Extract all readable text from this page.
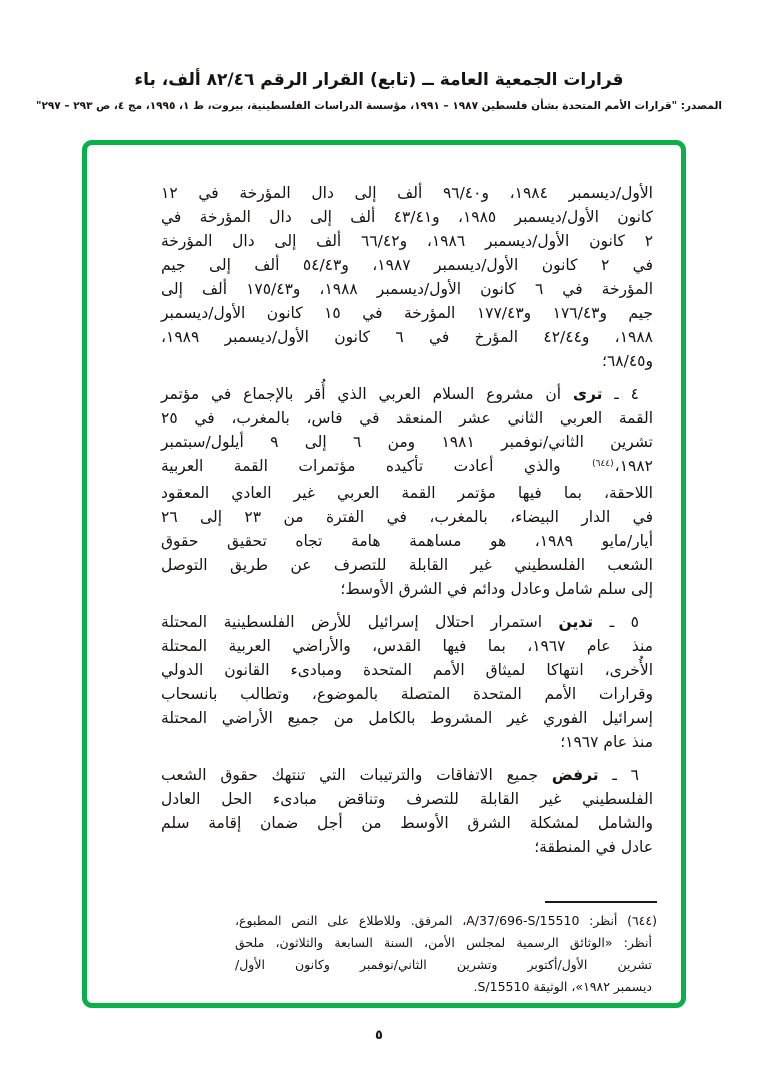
قرارات الجمعية العامة ــ (تابع) القرار الرقم ٨٢/٤٦ ألف، باء
المصدر: "قرارات الأمم المتحدة بشأن فلسطين ١٩٨٧ – ١٩٩١، مؤسسة الدراسات الفلسطينية، بيروت، ط ١، ١٩٩٥، مج ٤، ص ٢٩٣ – ٢٩٧"
الأول/ديسمبر ١٩٨٤، و٩٦/٤٠ ألف إلى دال المؤرخة في ١٢
كانون الأول/ديسمبر ١٩٨٥، و٤٣/٤١ ألف إلى دال المؤرخة في
٢ كانون الأول/ديسمبر ١٩٨٦، و٦٦/٤٢ ألف إلى دال المؤرخة
في ٢ كانون الأول/ديسمبر ١٩٨٧، و٥٤/٤٣ ألف إلى جيم
المؤرخة في ٦ كانون الأول/ديسمبر ١٩٨٨، و١٧٥/٤٣ ألف إلى
جيم و١٧٦/٤٣ و١٧٧/٤٣ المؤرخة في ١٥ كانون الأول/ديسمبر
١٩٨٨، و٤٢/٤٤ المؤرخ في ٦ كانون الأول/ديسمبر ١٩٨٩،
و٦٨/٤٥؛
٤ ـ ترى أن مشروع السلام العربي الذي أُقر بالإجماع في مؤتمر
القمة العربي الثاني عشر المنعقد في فاس، بالمغرب، في ٢٥
تشرين الثاني/نوفمبر ١٩٨١ ومن ٦ إلى ٩ أيلول/سبتمبر
١٩٨٢،$^{(٦٤٤)}$ والذي أعادت تأكيده مؤتمرات القمة العربية
اللاحقة، بما فيها مؤتمر القمة العربي غير العادي المعقود
في الدار البيضاء، بالمغرب، في الفترة من ٢٣ إلى ٢٦
أيار/مايو ١٩٨٩، هو مساهمة هامة تجاه تحقيق حقوق
الشعب الفلسطيني غير القابلة للتصرف عن طريق التوصل
إلى سلم شامل وعادل ودائم في الشرق الأوسط؛
٥ ـ تدين استمرار احتلال إسرائيل للأرض الفلسطينية المحتلة
منذ عام ١٩٦٧، بما فيها القدس، والأراضي العربية المحتلة
الأُخرى، انتهاكا لميثاق الأمم المتحدة ومبادىء القانون الدولي
وقرارات الأمم المتحدة المتصلة بالموضوع، وتطالب بانسحاب
إسرائيل الفوري غير المشروط بالكامل من جميع الأراضي المحتلة
منذ عام ١٩٦٧؛
٦ ـ ترفض جميع الاتفاقات والترتيبات التي تنتهك حقوق الشعب
الفلسطيني غير القابلة للتصرف وتناقض مبادىء الحل العادل
والشامل لمشكلة الشرق الأوسط من أجل ضمان إقامة سلم
عادل في المنطقة؛
(٦٤٤) أنظر: A/37/696-S/15510، المرفق. وللاطلاع على النص المطبوع،
أنظر: «الوثائق الرسمية لمجلس الأمن، السنة السابعة والثلاثون، ملحق
تشرين الأول/أكتوبر وتشرين الثاني/نوفمبر وكانون الأول/
ديسمبر ١٩٨٢»، الوثيقة S/15510.
٥
